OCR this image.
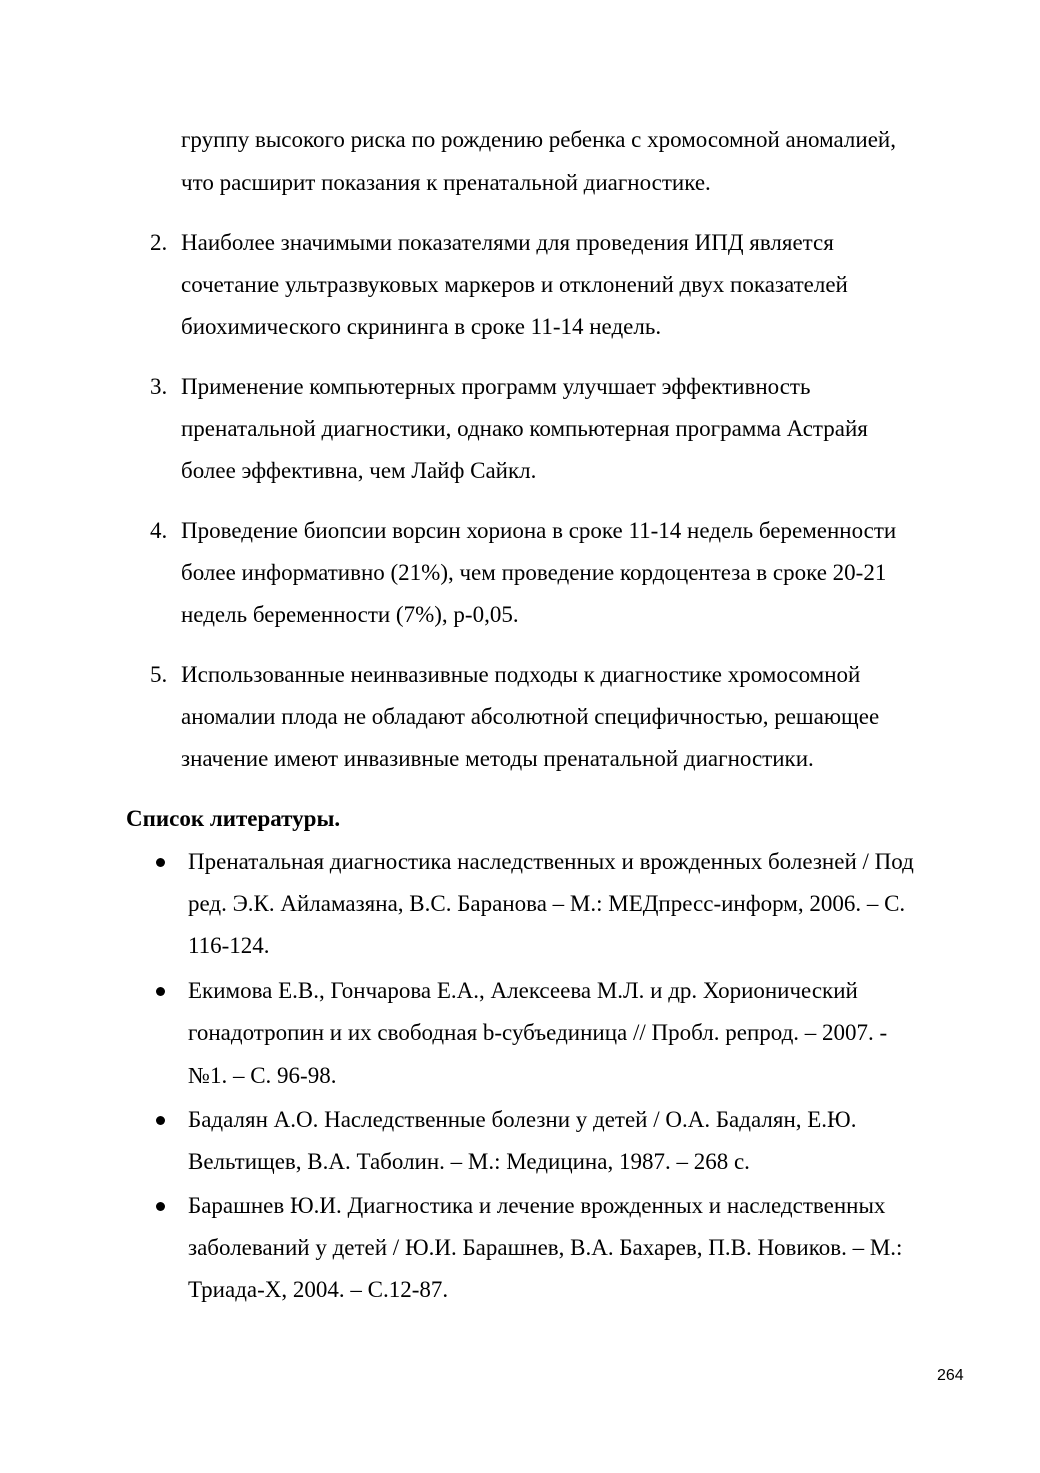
группу высокого риска по рождению ребенка с хромосомной аномалией,
что расширит показания к пренатальной диагностике.
2. Наиболее значимыми показателями для проведения ИПД является
сочетание ультразвуковых маркеров и отклонений двух показателей
биохимического скрининга в сроке 11-14 недель.
3. Применение компьютерных программ улучшает эффективность
пренатальной диагностики, однако компьютерная программа Астрайя
более эффективна, чем Лайф Сайкл.
4. Проведение биопсии ворсин хориона в сроке 11-14 недель беременности
более информативно (21%), чем проведение кордоцентеза в сроке 20-21
недель беременности (7%), p-0,05.
5. Использованные неинвазивные подходы к диагностике хромосомной
аномалии плода не обладают абсолютной специфичностью, решающее
значение имеют инвазивные методы пренатальной диагностики.
Список литературы.
Пренатальная диагностика наследственных и врожденных болезней / Под
ред. Э.К. Айламазяна, В.С. Баранова – М.: МЕДпресс-информ, 2006. – С.
116-124.
Екимова Е.В., Гончарова Е.А., Алексеева М.Л. и др. Хорионический
гонадотропин и их свободная b-субъединица // Пробл. репрод. – 2007. -
№1. – С. 96-98.
Бадалян А.О. Наследственные болезни у детей / О.А. Бадалян, Е.Ю.
Вельтищев, В.А. Таболин. – М.: Медицина, 1987. – 268 с.
Барашнев Ю.И. Диагностика и лечение врожденных и наследственных
заболеваний у детей / Ю.И. Барашнев, В.А. Бахарев, П.В. Новиков. – М.:
Триада-Х, 2004. – С.12-87.
264
